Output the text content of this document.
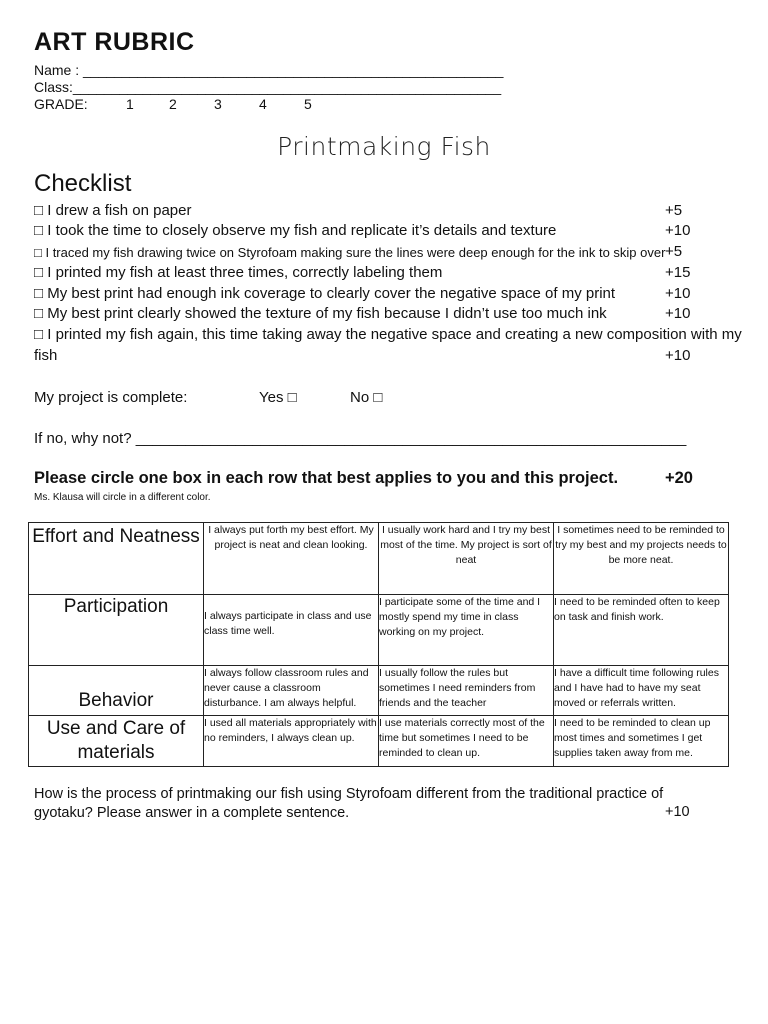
ART RUBRIC
Name : ______________________________________________________
Class:_______________________________________________________
GRADE:	1	2	3	4	5
Printmaking Fish
Checklist
□ I drew a fish on paper	+5
□ I took the time to closely observe my fish and replicate it’s details and texture	+10
□ I traced my fish drawing twice on Styrofoam making sure the lines were deep enough for the ink to skip over +5
□ I printed my fish at least three times, correctly labeling them	+15
□ My best print had enough ink coverage to clearly cover the negative space of my print	+10
□ My best print clearly showed the texture of my fish because I didn’t use too much ink	+10
□ I printed my fish again, this time taking away the negative space and creating a new composition with my
fish	+10
My project is complete:	Yes □	No □
If no, why not? __________________________________________________________________
Please circle one box in each row that best applies to you and this project.	+20
Ms. Klausa will circle in a different color.
Effort and Neatness	I always put forth my best effort. My project is neat and clean looking.	I usually work hard and I try my best most of the time. My project is sort of neat	I sometimes need to be reminded to try my best and my projects needs to be more neat.
Participation	I always participate in class and use class time well.	I participate some of the time and I mostly spend my time in class working on my project.	I need to be reminded often to keep on task and finish work.
Behavior	I always follow classroom rules and never cause a classroom disturbance. I am always helpful.	I usually follow the rules but sometimes I need reminders from friends and the teacher	I have a difficult time following rules and I have had to have my seat moved or referrals written.
Use and Care of materials	I used all materials appropriately with no reminders, I always clean up.	I use materials correctly most of the time but sometimes I need to be reminded to clean up.	I need to be reminded to clean up most times and sometimes I get supplies taken away from me.
How is the process of printmaking our fish using Styrofoam different from the traditional practice of
gyotaku? Please answer in a complete sentence.	+10
